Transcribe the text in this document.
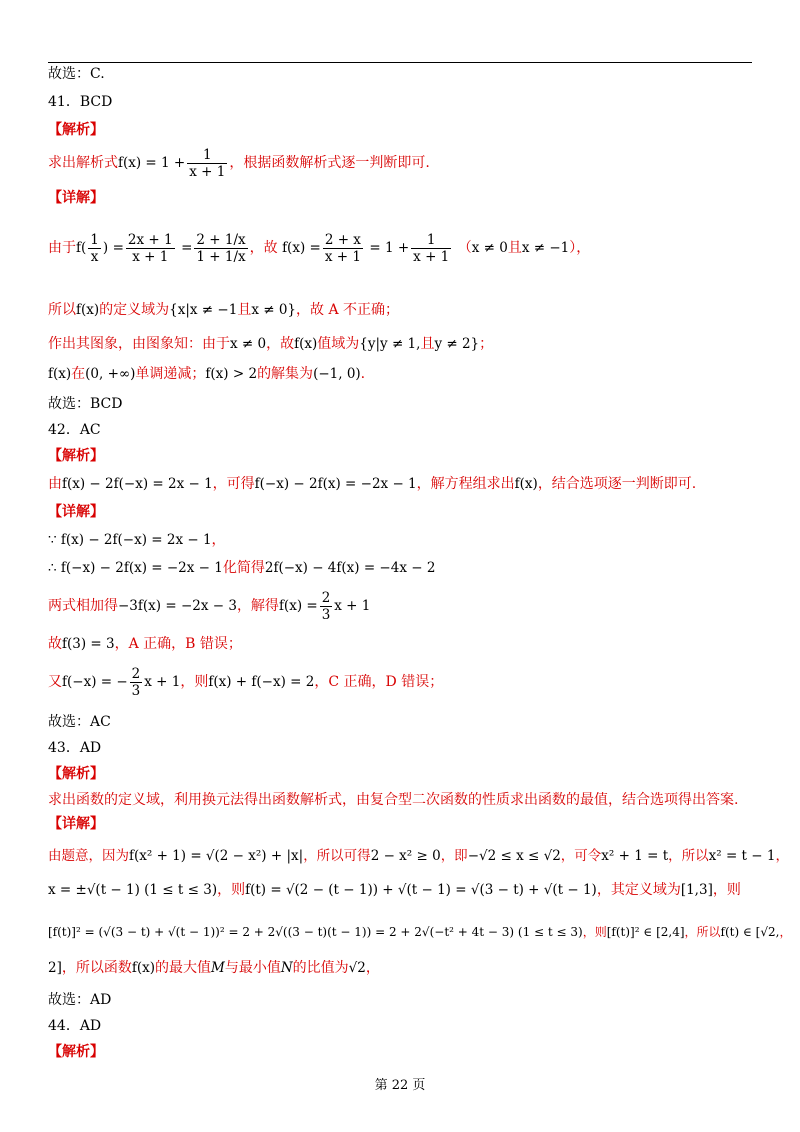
故选：C.
41．BCD
【解析】
求出解析式$f(x) = 1 + \frac{1}{x + 1}$ ，根据函数解析式逐一判断即可.
【详解】
由于$f( \frac{1}{x}$ ) = $\frac{2x + 1}{x + 1} = \frac{2 + 1/x}{1 + 1/x}$ ，故 $f(x) = \frac{2 + x}{x + 1} = 1 + \frac{1}{x + 1} (x \ne 0$且x ≠ −1），
所以f(x)的定义域为{x|x ≠ −1且x ≠ 0}，故 A 不正确；
作出其图象，由图象知：由于x ≠ 0，故f(x)值域为{y|y ≠ 1,且y ≠ 2}；
f(x)在(0, +∞)单调递减；f(x) > 2的解集为(−1, 0).
故选：BCD
42．AC
【解析】
由f(x) − 2f(−x) = 2x − 1，可得f(−x) − 2f(x) = −2x − 1，解方程组求出f(x)，结合选项逐一判断即可.
【详解】
∵ f(x) − 2f(−x) = 2x − 1，
∴ f(−x) − 2f(x) = −2x − 1化简得2f(−x) − 4f(x) = −4x − 2
两式相加得−3f(x) = −2x − 3，解得$f(x) = \frac{2}{3}$ x + 1
故f(3) = 3，A 正确，B 错误；
又f(−x) = − $\frac{2}{3}$ x + 1，则f(x) + f(−x) = 2，C 正确，D 错误；
故选：AC
43．AD
【解析】
求出函数的定义域，利用换元法得出函数解析式，由复合型二次函数的性质求出函数的最值，结合选项得出答案.
【详解】
由题意，因为f(x² + 1) = √(2 − x²) + |x|，所以可得2 − x² ≥ 0，即−√2 ≤ x ≤ √2，可令x² + 1 = t，所以x² = t − 1，
x = ±√(t − 1) (1 ≤ t ≤ 3)，则f(t) = √(2 − (t − 1)) + √(t − 1) = √(3 − t) + √(t − 1)，其定义域为[1,3]，则
[f(t)]² = (√(3 − t) + √(t − 1))² = 2 + 2√((3 − t)(t − 1)) = 2 + 2√(−t² + 4t − 3) (1 ≤ t ≤ 3)，则[f(t)]² ∈ [2,4]，所以f(t) ∈ [√2,，
2]，所以函数f(x)的最大值M与最小值N的比值为√2，
故选：AD
44．AD
【解析】
第 22 页
